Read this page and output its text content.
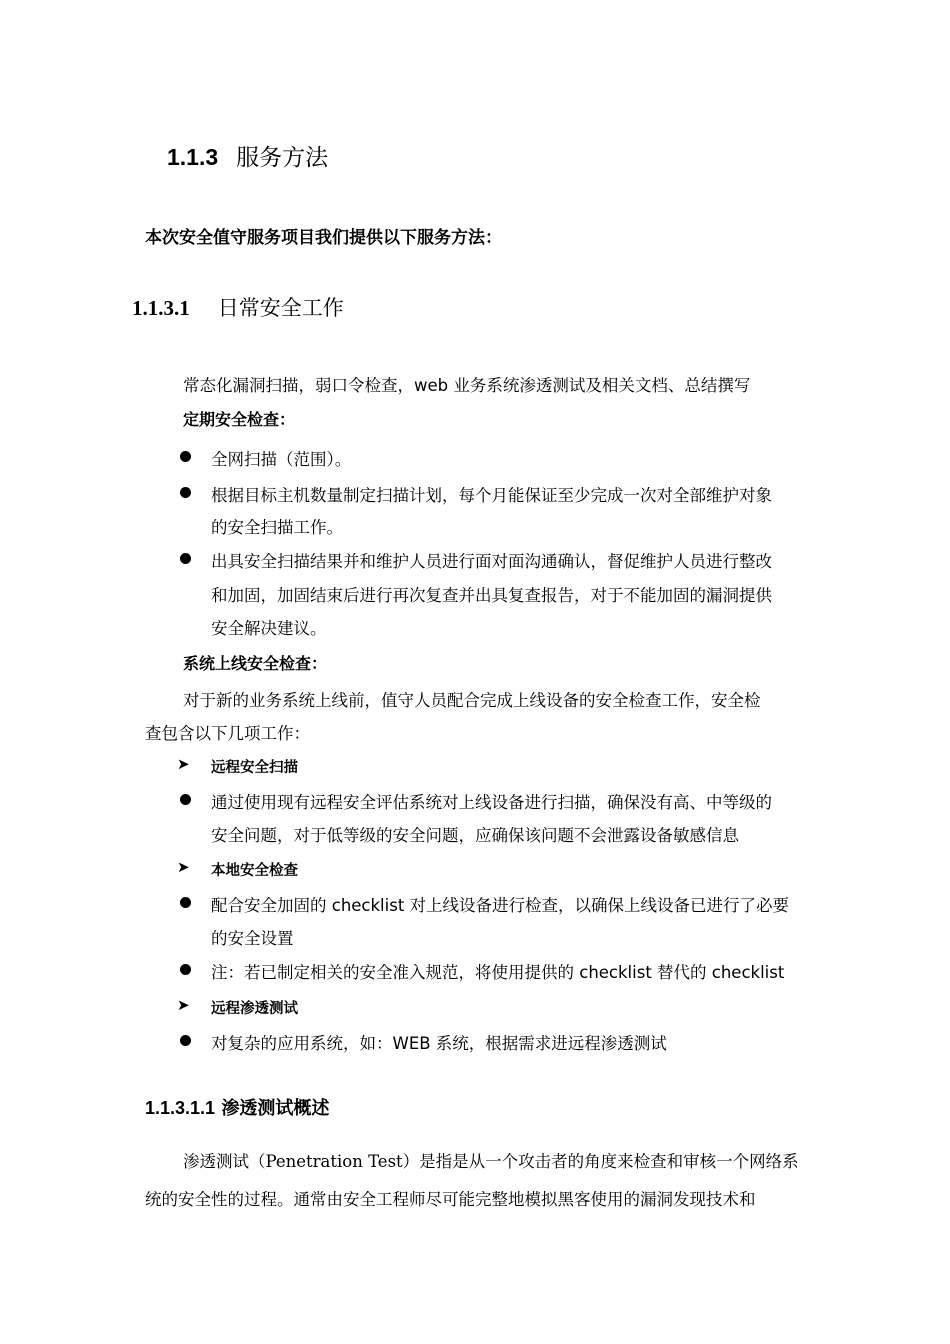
1.1.3 服务方法
本次安全值守服务项目我们提供以下服务方法：
1.1.3.1 日常安全工作
常态化漏洞扫描，弱口令检查，web 业务系统渗透测试及相关文档、总结撰写
定期安全检查：
全网扫描（范围）。
根据目标主机数量制定扫描计划，每个月能保证至少完成一次对全部维护对象
的安全扫描工作。
出具安全扫描结果并和维护人员进行面对面沟通确认，督促维护人员进行整改
和加固，加固结束后进行再次复查并出具复查报告，对于不能加固的漏洞提供
安全解决建议。
系统上线安全检查：
对于新的业务系统上线前，值守人员配合完成上线设备的安全检查工作，安全检
查包含以下几项工作：
➤ 远程安全扫描
通过使用现有远程安全评估系统对上线设备进行扫描，确保没有高、中等级的
安全问题，对于低等级的安全问题，应确保该问题不会泄露设备敏感信息
➤ 本地安全检查
配合安全加固的 checklist 对上线设备进行检查，以确保上线设备已进行了必要
的安全设置
注：若已制定相关的安全准入规范，将使用提供的 checklist 替代的 checklist
➤ 远程渗透测试
对复杂的应用系统，如：WEB 系统，根据需求进远程渗透测试
1.1.3.1.1 渗透测试概述
渗透测试（Penetration Test）是指是从一个攻击者的角度来检查和审核一个网络系
统的安全性的过程。通常由安全工程师尽可能完整地模拟黑客使用的漏洞发现技术和
